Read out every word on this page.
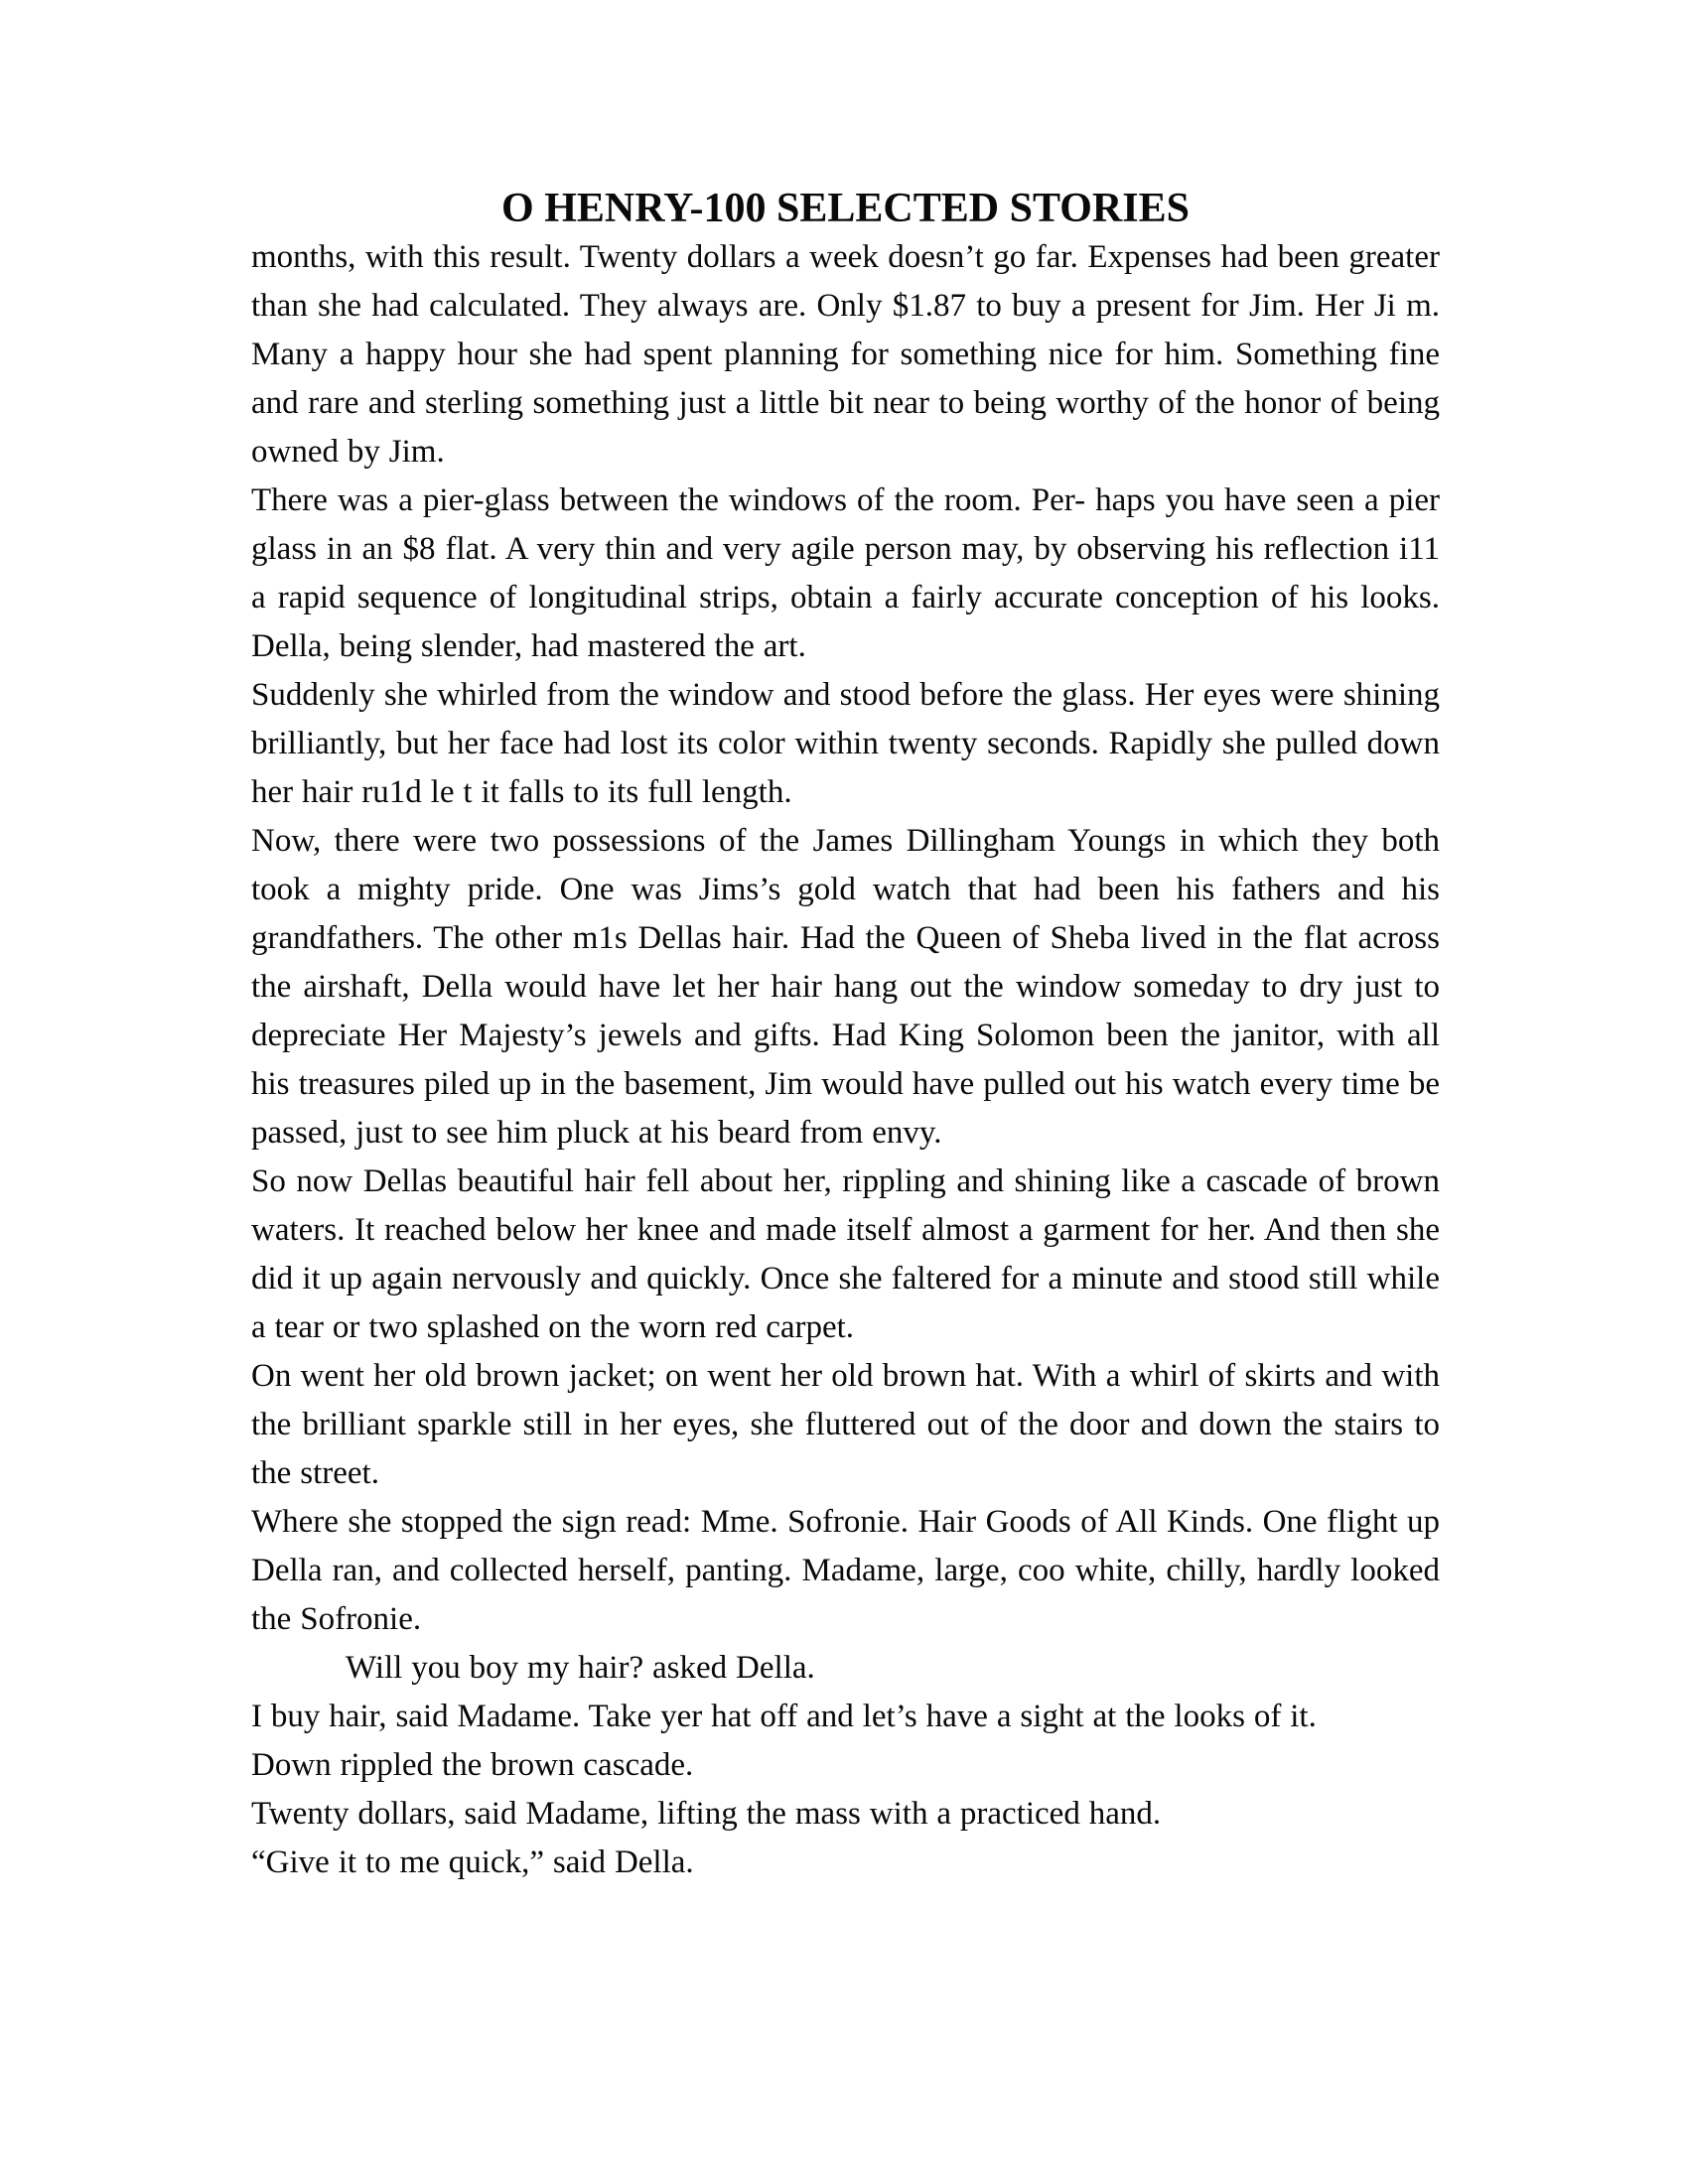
O HENRY-100 SELECTED STORIES

months, with this result. Twenty dollars a week doesn’t go far. Expenses had been greater than she had calculated. They always are. Only $1.87 to buy a present for Jim. Her Ji m. Many a happy hour she had spent planning for something nice for him. Something fine and rare and sterling something just a little bit near to being worthy of the honor of being owned by Jim.

There was a pier-glass between the windows of the room. Per- haps you have seen a pier glass in an $8 flat. A very thin and very agile person may, by observing his reflection i11 a rapid sequence of longitudinal strips, obtain a fairly accurate conception of his looks. Della, being slender, had mastered the art.

Suddenly she whirled from the window and stood before the glass. Her eyes were shining brilliantly, but her face had lost its color within twenty seconds. Rapidly she pulled down her hair ru1d le t it falls to its full length.

Now, there were two possessions of the James Dillingham Youngs in which they both took a mighty pride. One was Jims’s gold watch that had been his fathers and his grandfathers. The other m1s Dellas hair. Had the Queen of Sheba lived in the flat across the airshaft, Della would have let her hair hang out the window someday to dry just to depreciate Her Majesty’s jewels and gifts. Had King Solomon been the janitor, with all his treasures piled up in the basement, Jim would have pulled out his watch every time be passed, just to see him pluck at his beard from envy.

So now Dellas beautiful hair fell about her, rippling and shining like a cascade of brown waters. It reached below her knee and made itself almost a garment for her. And then she did it up again nervously and quickly. Once she faltered for a minute and stood still while a tear or two splashed on the worn red carpet.

On went her old brown jacket; on went her old brown hat. With a whirl of skirts and with the brilliant sparkle still in her eyes, she fluttered out of the door and down the stairs to the street.

Where she stopped the sign read: Mme. Sofronie. Hair Goods of All Kinds. One flight up Della ran, and collected herself, panting. Madame, large, coo white, chilly, hardly looked the Sofronie.

Will you boy my hair? asked Della.

I buy hair, said Madame. Take yer hat off and let’s have a sight at the looks of it.

Down rippled the brown cascade.

Twenty dollars, said Madame, lifting the mass with a practiced hand.

“Give it to me quick,” said Della.
